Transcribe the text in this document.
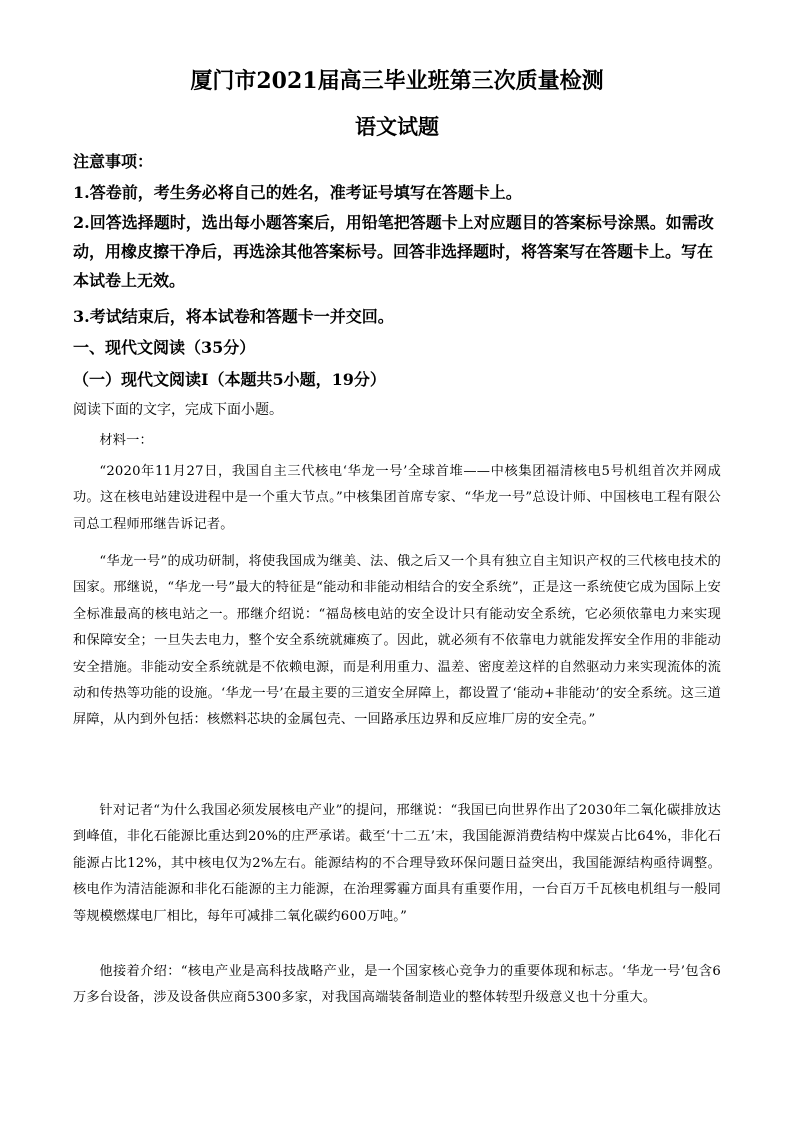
厦门市2021届高三毕业班第三次质量检测
语文试题
注意事项：
1.答卷前，考生务必将自己的姓名，准考证号填写在答题卡上。
2.回答选择题时，选出每小题答案后，用铅笔把答题卡上对应题目的答案标号涂黑。如需改动，用橡皮擦干净后，再选涂其他答案标号。回答非选择题时，将答案写在答题卡上。写在本试卷上无效。
3.考试结束后，将本试卷和答题卡一并交回。
一、现代文阅读（35分）
（一）现代文阅读Ⅰ（本题共5小题，19分）
阅读下面的文字，完成下面小题。
材料一：
“2020年11月27日，我国自主三代核电‘华龙一号’全球首堆——中核集团福清核电5号机组首次并网成功。这在核电站建设进程中是一个重大节点。”中核集团首席专家、“华龙一号”总设计师、中国核电工程有限公司总工程师邢继告诉记者。
“华龙一号”的成功研制，将使我国成为继美、法、俄之后又一个具有独立自主知识产权的三代核电技术的国家。邢继说，“华龙一号”最大的特征是“能动和非能动相结合的安全系统”，正是这一系统使它成为国际上安全标准最高的核电站之一。邢继介绍说：“福岛核电站的安全设计只有能动安全系统，它必须依靠电力来实现和保障安全；一旦失去电力，整个安全系统就瘫痪了。因此，就必须有不依靠电力就能发挥安全作用的非能动安全措施。非能动安全系统就是不依赖电源，而是利用重力、温差、密度差这样的自然驱动力来实现流体的流动和传热等功能的设施。‘华龙一号’在最主要的三道安全屏障上，都设置了‘能动+非能动’的安全系统。这三道屏障，从内到外包括：核燃料芯块的金属包壳、一回路承压边界和反应堆厂房的安全壳。”
针对记者“为什么我国必须发展核电产业”的提问，邢继说：“我国已向世界作出了2030年二氧化碳排放达到峰值，非化石能源比重达到20%的庄严承诺。截至‘十二五’末，我国能源消费结构中煤炭占比64%，非化石能源占比12%，其中核电仅为2%左右。能源结构的不合理导致环保问题日益突出，我国能源结构亟待调整。核电作为清洁能源和非化石能源的主力能源，在治理雾霾方面具有重要作用，一台百万千瓦核电机组与一般同等规模燃煤电厂相比，每年可减排二氧化碳约600万吨。”
他接着介绍：“核电产业是高科技战略产业，是一个国家核心竞争力的重要体现和标志。‘华龙一号’包含6万多台设备，涉及设备供应商5300多家，对我国高端装备制造业的整体转型升级意义也十分重大。
